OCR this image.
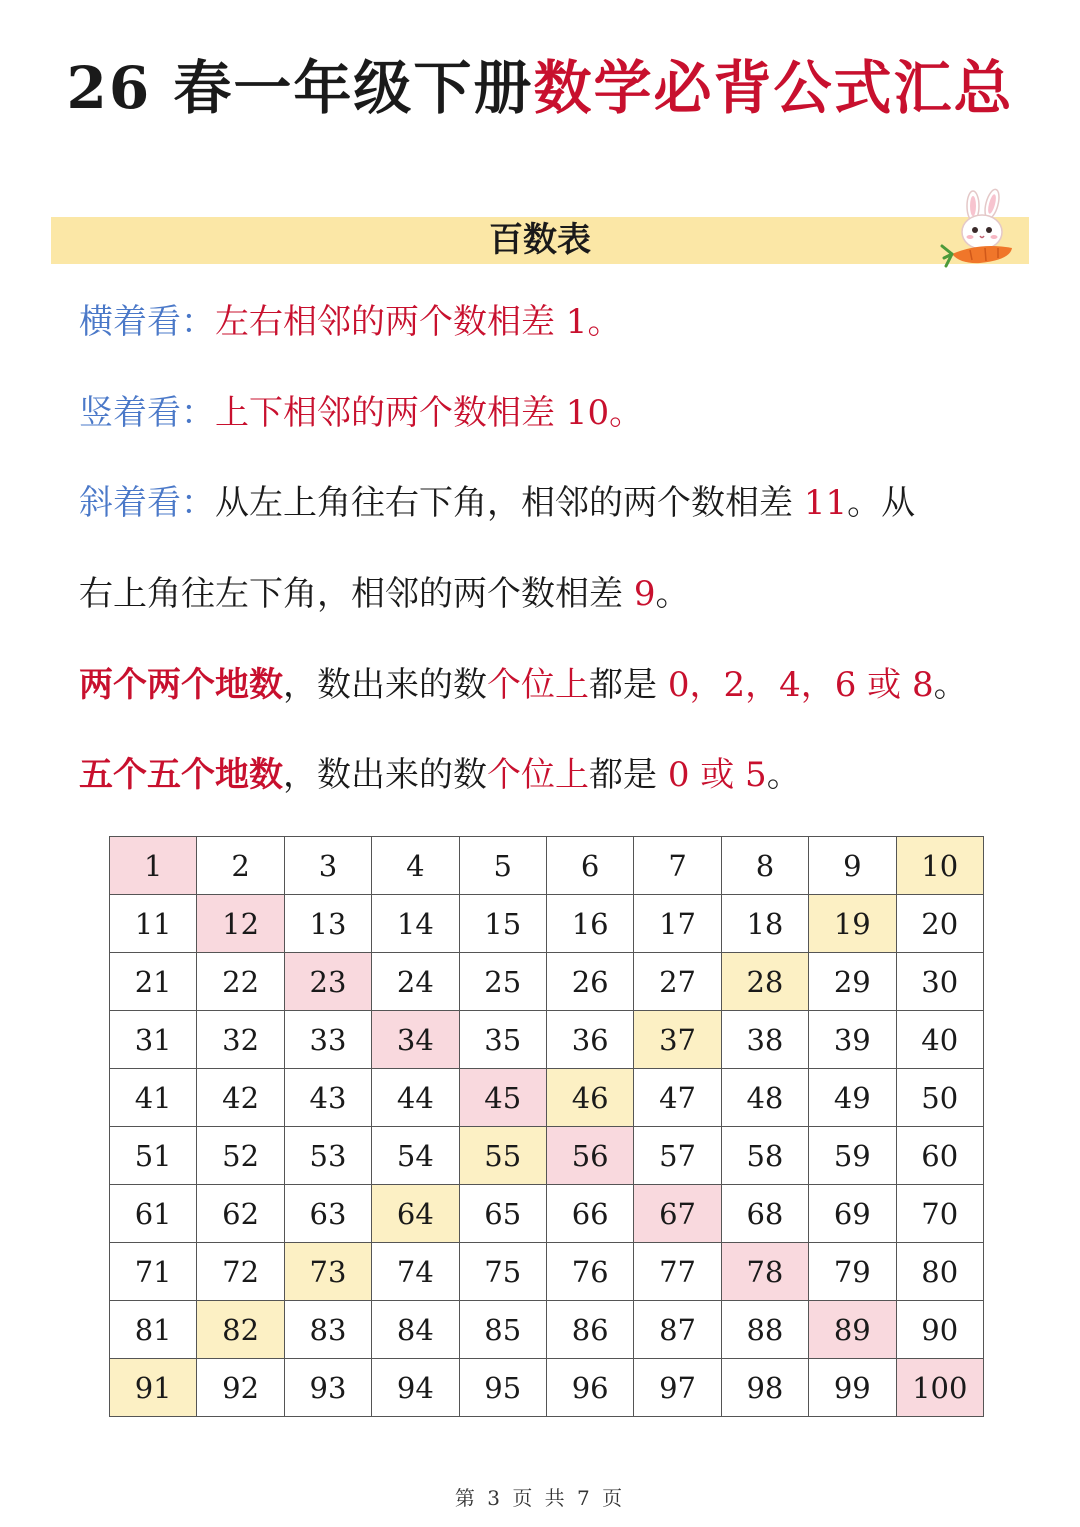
26 春一年级下册数学必背公式汇总
百数表
横着看：左右相邻的两个数相差 1。
竖着看：上下相邻的两个数相差 10。
斜着看：从左上角往右下角，相邻的两个数相差 11。从
右上角往左下角，相邻的两个数相差 9。
两个两个地数，数出来的数个位上都是 0，2，4，6 或 8。
五个五个地数，数出来的数个位上都是 0 或 5。
1	2	3	4	5	6	7	8	9	10
11	12	13	14	15	16	17	18	19	20
21	22	23	24	25	26	27	28	29	30
31	32	33	34	35	36	37	38	39	40
41	42	43	44	45	46	47	48	49	50
51	52	53	54	55	56	57	58	59	60
61	62	63	64	65	66	67	68	69	70
71	72	73	74	75	76	77	78	79	80
81	82	83	84	85	86	87	88	89	90
91	92	93	94	95	96	97	98	99	100
第 3 页 共 7 页
